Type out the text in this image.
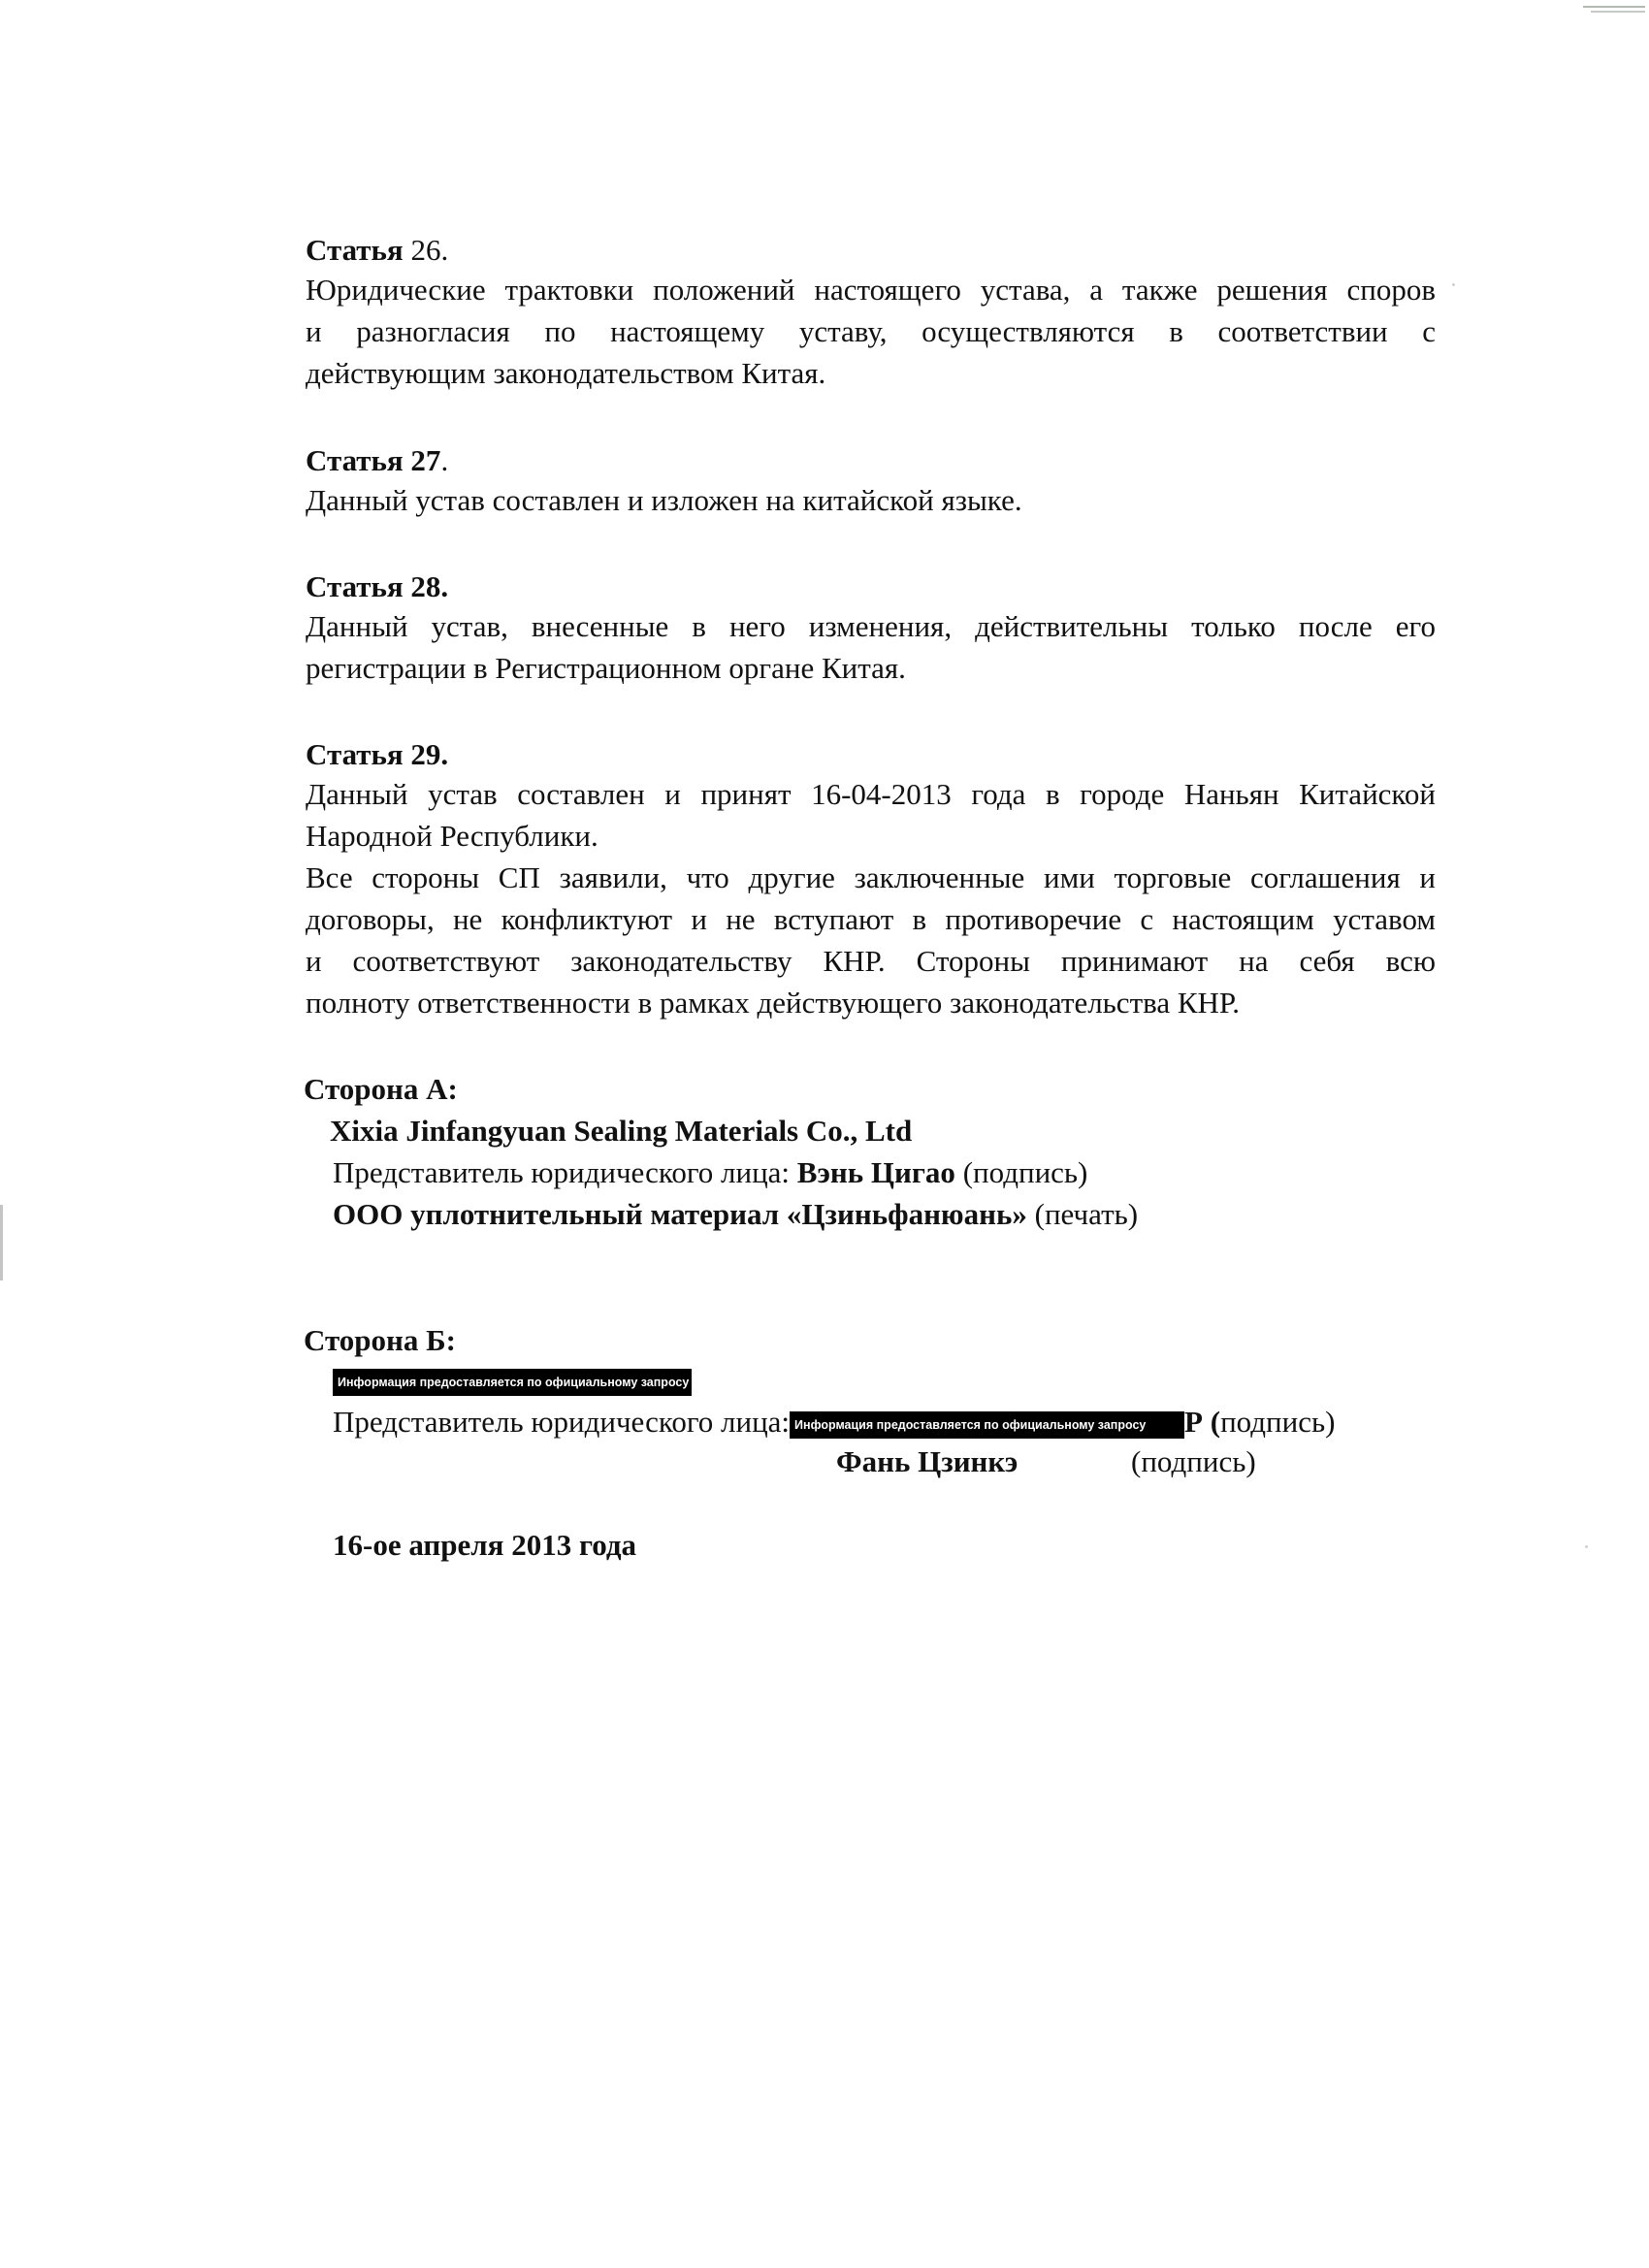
Статья 26.
Юридические трактовки положений настоящего устава, а также решения споров
и разногласия по настоящему уставу, осуществляются в соответствии с
действующим законодательством Китая.
Статья 27.
Данный устав составлен и изложен на китайской языке.
Статья 28.
Данный устав, внесенные в него изменения, действительны только после его
регистрации в Регистрационном органе Китая.
Статья 29.
Данный устав составлен и принят 16-04-2013 года в городе Наньян Китайской
Народной Республики.
Все стороны СП заявили, что другие заключенные ими торговые соглашения и
договоры, не конфликтуют и не вступают в противоречие с настоящим уставом
и соответствуют законодательству КНР. Стороны принимают на себя всю
полноту ответственности в рамках действующего законодательства КНР.
Сторона А:
Xixia Jinfangyuan Sealing Materials Co., Ltd
Представитель юридического лица: Вэнь Цигао (подпись)
ООО уплотнительный материал «Цзиньфанюань» (печать)
Сторона Б:
Информация предоставляется по официальному запросу
Представитель юридического лица: Информация предоставляется по официальному запросу Р (подпись)
Фань Цзинкэ	(подпись)
16-ое апреля 2013 года
